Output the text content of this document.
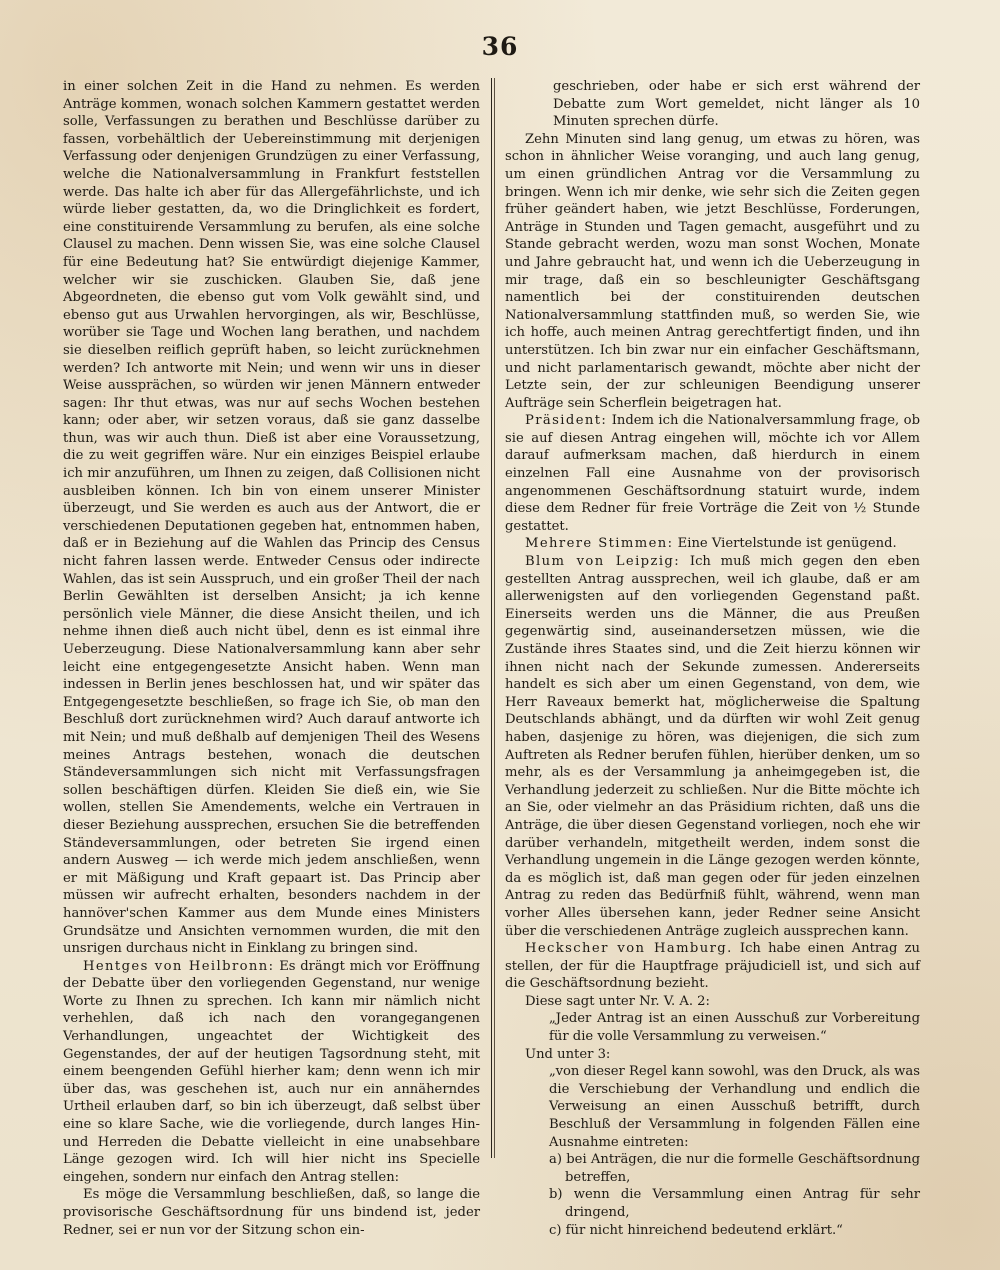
36

in einer solchen Zeit in die Hand zu nehmen. Es werden Anträge kommen, wonach solchen Kammern gestattet werden solle, Verfassungen zu berathen und Beschlüsse darüber zu fassen, vorbehältlich der Uebereinstimmung mit derjenigen Verfassung oder denjenigen Grundzügen zu einer Verfassung, welche die Nationalversammlung in Frankfurt feststellen werde. Das halte ich aber für das Allergefährlichste, und ich würde lieber gestatten, da, wo die Dringlichkeit es fordert, eine constituirende Versammlung zu berufen, als eine solche Clausel zu machen. Denn wissen Sie, was eine solche Clausel für eine Bedeutung hat? Sie entwürdigt diejenige Kammer, welcher wir sie zuschicken. Glauben Sie, daß jene Abgeordneten, die ebenso gut vom Volk gewählt sind, und ebenso gut aus Urwahlen hervorgingen, als wir, Beschlüsse, worüber sie Tage und Wochen lang berathen, und nachdem sie dieselben reiflich geprüft haben, so leicht zurücknehmen werden? Ich antworte mit Nein; und wenn wir uns in dieser Weise aussprächen, so würden wir jenen Männern entweder sagen: Ihr thut etwas, was nur auf sechs Wochen bestehen kann; oder aber, wir setzen voraus, daß sie ganz dasselbe thun, was wir auch thun. Dieß ist aber eine Voraussetzung, die zu weit gegriffen wäre. Nur ein einziges Beispiel erlaube ich mir anzuführen, um Ihnen zu zeigen, daß Collisionen nicht ausbleiben können. Ich bin von einem unserer Minister überzeugt, und Sie werden es auch aus der Antwort, die er verschiedenen Deputationen gegeben hat, entnommen haben, daß er in Beziehung auf die Wahlen das Princip des Census nicht fahren lassen werde. Entweder Census oder indirecte Wahlen, das ist sein Ausspruch, und ein großer Theil der nach Berlin Gewählten ist derselben Ansicht; ja ich kenne persönlich viele Männer, die diese Ansicht theilen, und ich nehme ihnen dieß auch nicht übel, denn es ist einmal ihre Ueberzeugung. Diese Nationalversammlung kann aber sehr leicht eine entgegengesetzte Ansicht haben. Wenn man indessen in Berlin jenes beschlossen hat, und wir später das Entgegengesetzte beschließen, so frage ich Sie, ob man den Beschluß dort zurücknehmen wird? Auch darauf antworte ich mit Nein; und muß deßhalb auf demjenigen Theil des Wesens meines Antrags bestehen, wonach die deutschen Ständeversammlungen sich nicht mit Verfassungsfragen sollen beschäftigen dürfen. Kleiden Sie dieß ein, wie Sie wollen, stellen Sie Amendements, welche ein Vertrauen in dieser Beziehung aussprechen, ersuchen Sie die betreffenden Ständeversammlungen, oder betreten Sie irgend einen andern Ausweg — ich werde mich jedem anschließen, wenn er mit Mäßigung und Kraft gepaart ist. Das Princip aber müssen wir aufrecht erhalten, besonders nachdem in der hannöver'schen Kammer aus dem Munde eines Ministers Grundsätze und Ansichten vernommen wurden, die mit den unsrigen durchaus nicht in Einklang zu bringen sind.

Hentges von Heilbronn: Es drängt mich vor Eröffnung der Debatte über den vorliegenden Gegenstand, nur wenige Worte zu Ihnen zu sprechen. Ich kann mir nämlich nicht verhehlen, daß ich nach den vorangegangenen Verhandlungen, ungeachtet der Wichtigkeit des Gegenstandes, der auf der heutigen Tagsordnung steht, mit einem beengenden Gefühl hierher kam; denn wenn ich mir über das, was geschehen ist, auch nur ein annäherndes Urtheil erlauben darf, so bin ich überzeugt, daß selbst über eine so klare Sache, wie die vorliegende, durch langes Hin- und Herreden die Debatte vielleicht in eine unabsehbare Länge gezogen wird. Ich will hier nicht ins Specielle eingehen, sondern nur einfach den Antrag stellen:

Es möge die Versammlung beschließen, daß, so lange die provisorische Geschäftsordnung für uns bindend ist, jeder Redner, sei er nun vor der Sitzung schon ein-

geschrieben, oder habe er sich erst während der Debatte zum Wort gemeldet, nicht länger als 10 Minuten sprechen dürfe.

Zehn Minuten sind lang genug, um etwas zu hören, was schon in ähnlicher Weise voranging, und auch lang genug, um einen gründlichen Antrag vor die Versammlung zu bringen. Wenn ich mir denke, wie sehr sich die Zeiten gegen früher geändert haben, wie jetzt Beschlüsse, Forderungen, Anträge in Stunden und Tagen gemacht, ausgeführt und zu Stande gebracht werden, wozu man sonst Wochen, Monate und Jahre gebraucht hat, und wenn ich die Ueberzeugung in mir trage, daß ein so beschleunigter Geschäftsgang namentlich bei der constituirenden deutschen Nationalversammlung stattfinden muß, so werden Sie, wie ich hoffe, auch meinen Antrag gerechtfertigt finden, und ihn unterstützen. Ich bin zwar nur ein einfacher Geschäftsmann, und nicht parlamentarisch gewandt, möchte aber nicht der Letzte sein, der zur schleunigen Beendigung unserer Aufträge sein Scherflein beigetragen hat.

Präsident: Indem ich die Nationalversammlung frage, ob sie auf diesen Antrag eingehen will, möchte ich vor Allem darauf aufmerksam machen, daß hierdurch in einem einzelnen Fall eine Ausnahme von der provisorisch angenommenen Geschäftsordnung statuirt wurde, indem diese dem Redner für freie Vorträge die Zeit von ½ Stunde gestattet.

Mehrere Stimmen: Eine Viertelstunde ist genügend.

Blum von Leipzig: Ich muß mich gegen den eben gestellten Antrag aussprechen, weil ich glaube, daß er am allerwenigsten auf den vorliegenden Gegenstand paßt. Einerseits werden uns die Männer, die aus Preußen gegenwärtig sind, auseinandersetzen müssen, wie die Zustände ihres Staates sind, und die Zeit hierzu können wir ihnen nicht nach der Sekunde zumessen. Andererseits handelt es sich aber um einen Gegenstand, von dem, wie Herr Raveaux bemerkt hat, möglicherweise die Spaltung Deutschlands abhängt, und da dürften wir wohl Zeit genug haben, dasjenige zu hören, was diejenigen, die sich zum Auftreten als Redner berufen fühlen, hierüber denken, um so mehr, als es der Versammlung ja anheimgegeben ist, die Verhandlung jederzeit zu schließen. Nur die Bitte möchte ich an Sie, oder vielmehr an das Präsidium richten, daß uns die Anträge, die über diesen Gegenstand vorliegen, noch ehe wir darüber verhandeln, mitgetheilt werden, indem sonst die Verhandlung ungemein in die Länge gezogen werden könnte, da es möglich ist, daß man gegen oder für jeden einzelnen Antrag zu reden das Bedürfniß fühlt, während, wenn man vorher Alles übersehen kann, jeder Redner seine Ansicht über die verschiedenen Anträge zugleich aussprechen kann.

Heckscher von Hamburg. Ich habe einen Antrag zu stellen, der für die Hauptfrage präjudiciell ist, und sich auf die Geschäftsordnung bezieht.

Diese sagt unter Nr. V. A. 2:

„Jeder Antrag ist an einen Ausschuß zur Vorbereitung für die volle Versammlung zu verweisen.“

Und unter 3:

„von dieser Regel kann sowohl, was den Druck, als was die Verschiebung der Verhandlung und endlich die Verweisung an einen Ausschuß betrifft, durch Beschluß der Versammlung in folgenden Fällen eine Ausnahme eintreten:

a) bei Anträgen, die nur die formelle Geschäftsordnung betreffen,

b) wenn die Versammlung einen Antrag für sehr dringend,

c) für nicht hinreichend bedeutend erklärt.“
